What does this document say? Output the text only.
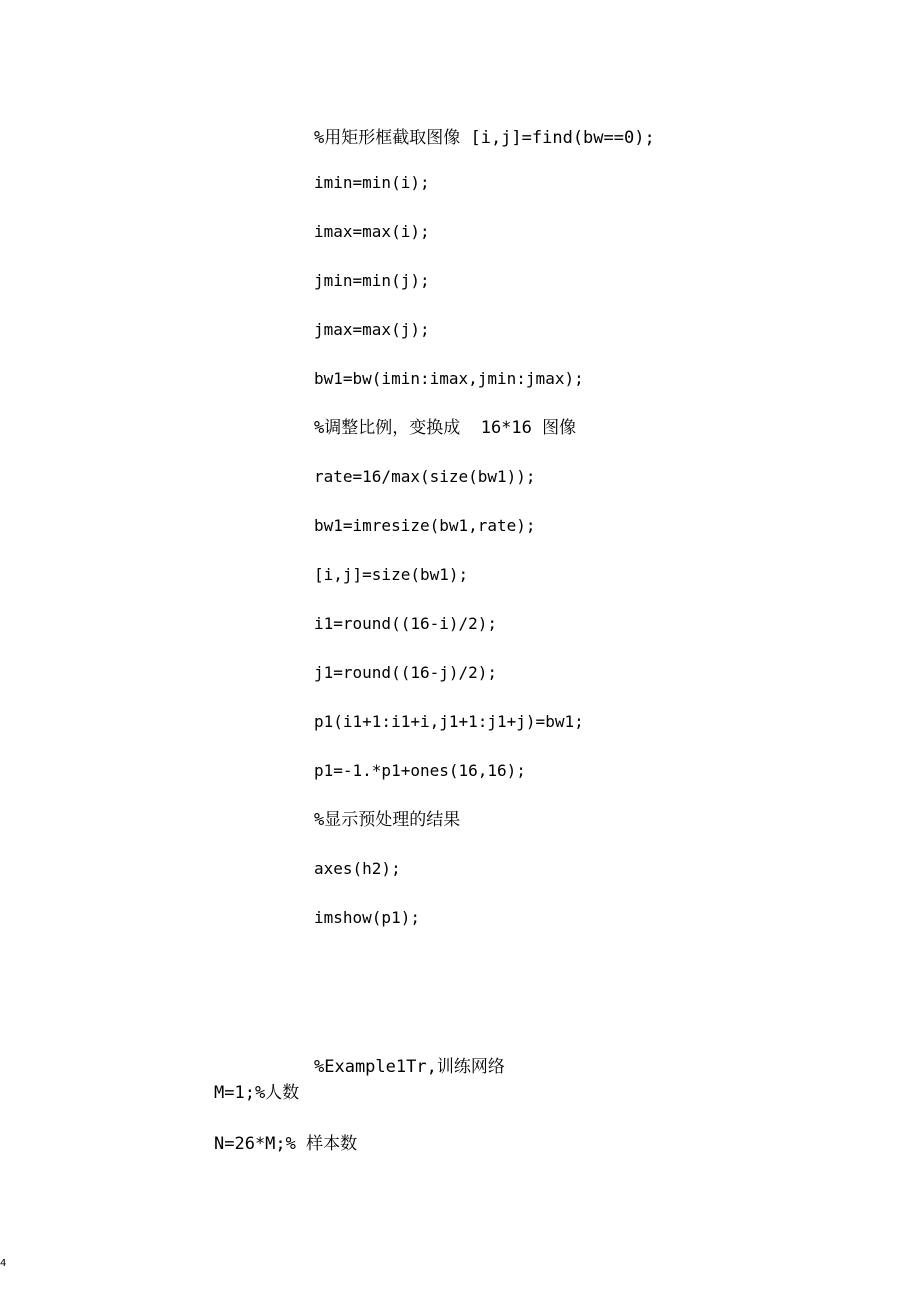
%用矩形框截取图像 [i,j]=find(bw==0);
imin=min(i);
imax=max(i);
jmin=min(j);
jmax=max(j);
bw1=bw(imin:imax,jmin:jmax);
%调整比例，变换成  16*16 图像
rate=16/max(size(bw1));
bw1=imresize(bw1,rate);
[i,j]=size(bw1);
i1=round((16-i)/2);
j1=round((16-j)/2);
p1(i1+1:i1+i,j1+1:j1+j)=bw1;
p1=-1.*p1+ones(16,16);
%显示预处理的结果
axes(h2);
imshow(p1);
%Example1Tr,训练网络
M=1;%人数
N=26*M;% 样本数
4
